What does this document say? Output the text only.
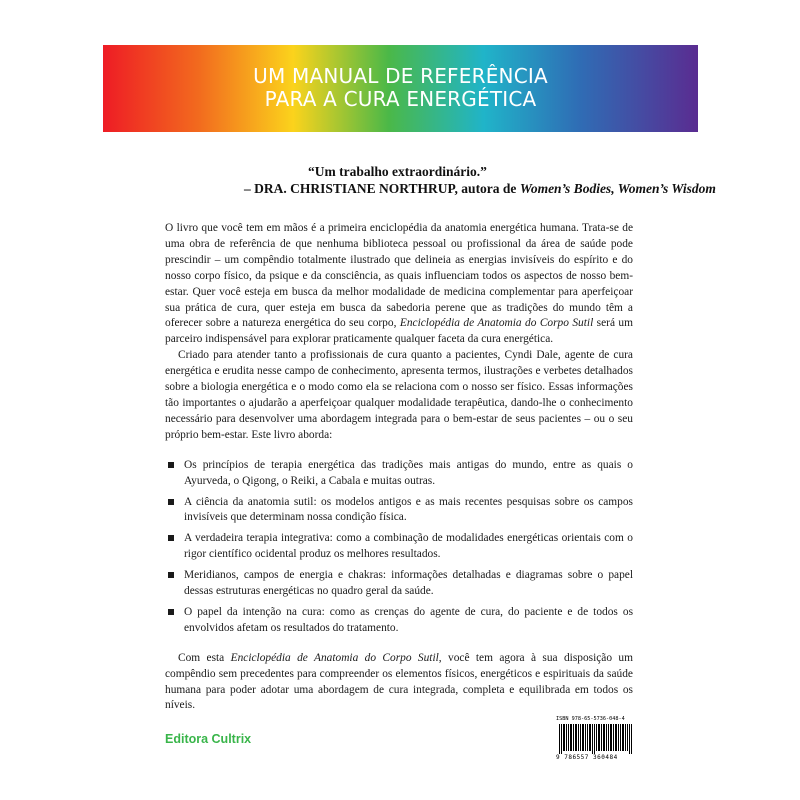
UM MANUAL DE REFERÊNCIA
PARA A CURA ENERGÉTICA
“Um trabalho extraordinário.”
– DRA. CHRISTIANE NORTHRUP, autora de Women’s Bodies, Women’s Wisdom

O livro que você tem em mãos é a primeira enciclopédia da anatomia energética humana. Trata-se de uma obra de referência de que nenhuma biblioteca pessoal ou profissional da área de saúde pode prescindir – um compêndio totalmente ilustrado que delineia as energias invisíveis do espírito e do nosso corpo físico, da psique e da consciência, as quais influenciam todos os aspectos de nosso bem-estar. Quer você esteja em busca da melhor modalidade de medicina complementar para aperfeiçoar sua prática de cura, quer esteja em busca da sabedoria perene que as tradições do mundo têm a oferecer sobre a natureza energética do seu corpo, Enciclopédia de Anatomia do Corpo Sutil será um parceiro indispensável para explorar praticamente qualquer faceta da cura energética.

Criado para atender tanto a profissionais de cura quanto a pacientes, Cyndi Dale, agente de cura energética e erudita nesse campo de conhecimento, apresenta termos, ilustrações e verbetes detalhados sobre a biologia energética e o modo como ela se relaciona com o nosso ser físico. Essas informações tão importantes o ajudarão a aperfeiçoar qualquer modalidade terapêutica, dando-lhe o conhecimento necessário para desenvolver uma abordagem integrada para o bem-estar de seus pacientes – ou o seu próprio bem-estar. Este livro aborda:

Os princípios de terapia energética das tradições mais antigas do mundo, entre as quais o Ayurveda, o Qigong, o Reiki, a Cabala e muitas outras.
A ciência da anatomia sutil: os modelos antigos e as mais recentes pesquisas sobre os campos invisíveis que determinam nossa condição física.
A verdadeira terapia integrativa: como a combinação de modalidades energéticas orientais com o rigor científico ocidental produz os melhores resultados.
Meridianos, campos de energia e chakras: informações detalhadas e diagramas sobre o papel dessas estruturas energéticas no quadro geral da saúde.
O papel da intenção na cura: como as crenças do agente de cura, do paciente e de todos os envolvidos afetam os resultados do tratamento.

Com esta Enciclopédia de Anatomia do Corpo Sutil, você tem agora à sua disposição um compêndio sem precedentes para compreender os elementos físicos, energéticos e espirituais da saúde humana para poder adotar uma abordagem de cura integrada, completa e equilibrada em todos os níveis.

Editora Cultrix
ISBN 978-65-5736-048-4
9 786557 360484
